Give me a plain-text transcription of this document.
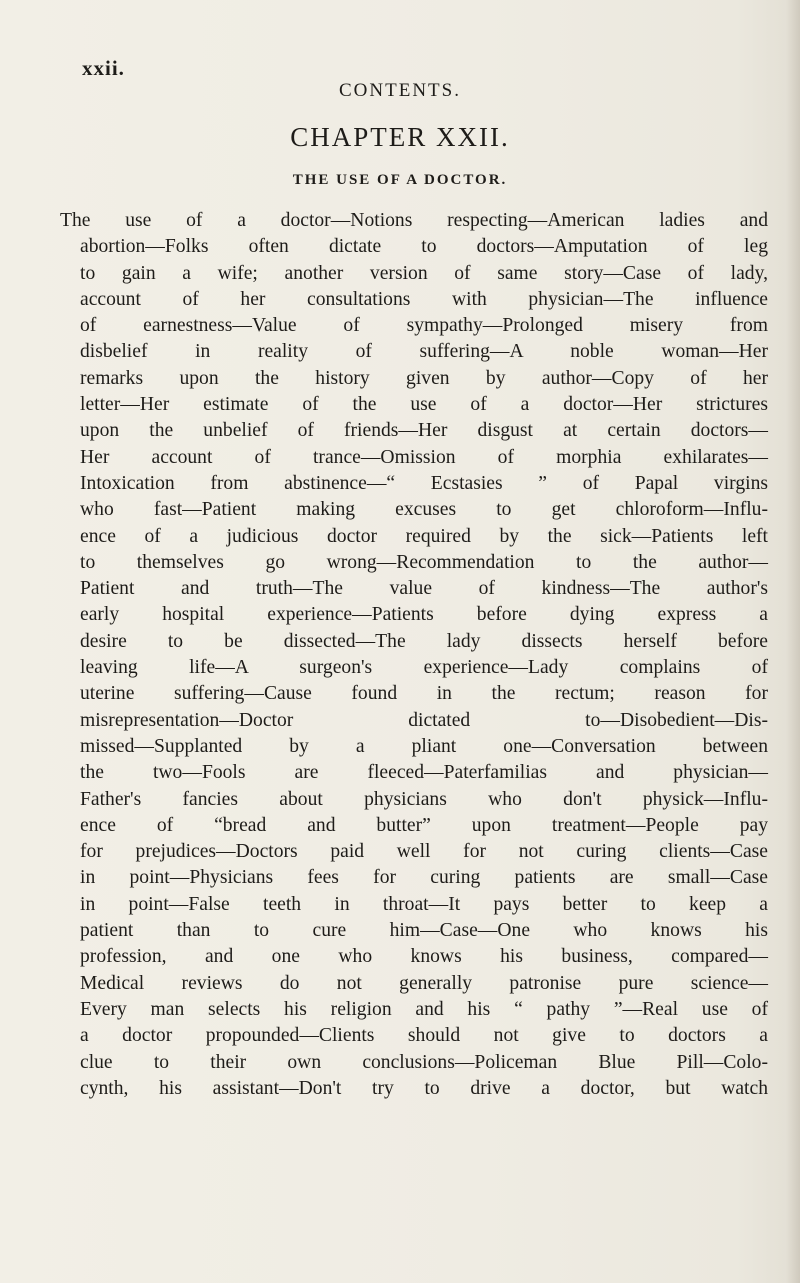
xxii.

CONTENTS.

CHAPTER XXII.
THE USE OF A DOCTOR.
The use of a doctor—Notions respecting—American ladies and
abortion—Folks often dictate to doctors—Amputation of leg
to gain a wife; another version of same story—Case of lady,
account of her consultations with physician—The influence
of earnestness—Value of sympathy—Prolonged misery from
disbelief in reality of suffering—A noble woman—Her
remarks upon the history given by author—Copy of her
letter—Her estimate of the use of a doctor—Her strictures
upon the unbelief of friends—Her disgust at certain doctors—
Her account of trance—Omission of morphia exhilarates—
Intoxication from abstinence—“ Ecstasies ” of Papal virgins
who fast—Patient making excuses to get chloroform—Influ-
ence of a judicious doctor required by the sick—Patients left
to themselves go wrong—Recommendation to the author—
Patient and truth—The value of kindness—The author's
early hospital experience—Patients before dying express a
desire to be dissected—The lady dissects herself before
leaving life—A surgeon's experience—Lady complains of
uterine suffering—Cause found in the rectum; reason for
misrepresentation—Doctor dictated to—Disobedient—Dis-
missed—Supplanted by a pliant one—Conversation between
the two—Fools are fleeced—Paterfamilias and physician—
Father's fancies about physicians who don't physick—Influ-
ence of “bread and butter” upon treatment—People pay
for prejudices—Doctors paid well for not curing clients—Case
in point—Physicians fees for curing patients are small—Case
in point—False teeth in throat—It pays better to keep a
patient than to cure him—Case—One who knows his
profession, and one who knows his business, compared—
Medical reviews do not generally patronise pure science—
Every man selects his religion and his “ pathy ”—Real use of
a doctor propounded—Clients should not give to doctors a
clue to their own conclusions—Policeman Blue Pill—Colo-
cynth, his assistant—Don't try to drive a doctor, but watch
